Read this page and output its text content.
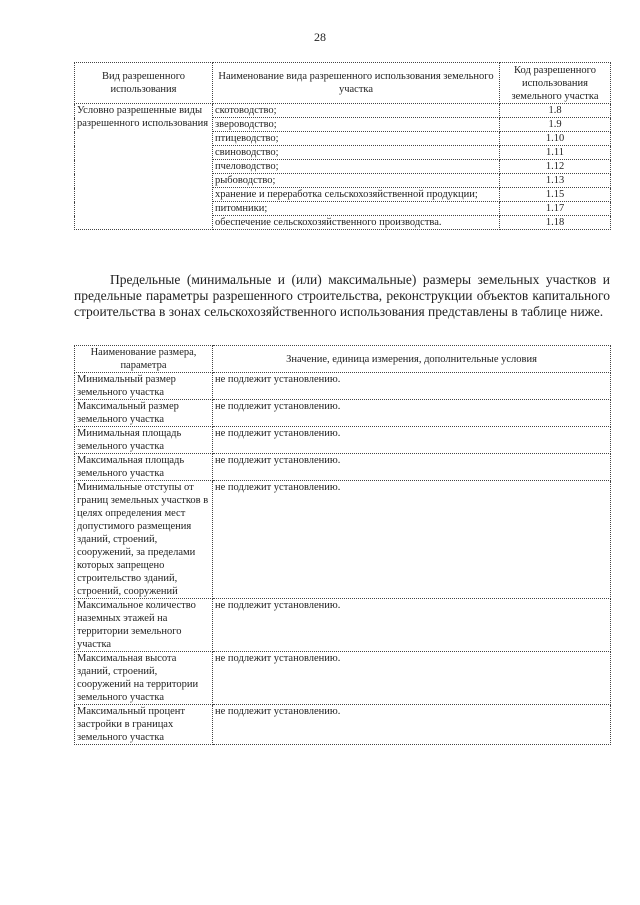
28
Вид разрешенного использования	Наименование вида разрешенного использования земельного участка	Код разрешенного использования земельного участка
Условно разрешенные виды разрешенного использования	скотоводство;	1.8
	звероводство;	1.9
	птицеводство;	1.10
	свиноводство;	1.11
	пчеловодство;	1.12
	рыбоводство;	1.13
	хранение и переработка сельскохозяйственной продукции;	1.15
	питомники;	1.17
	обеспечение сельскохозяйственного производства.	1.18
Предельные (минимальные и (или) максимальные) размеры земельных участков и предельные параметры разрешенного строительства, реконструкции объектов капитального строительства в зонах сельскохозяйственного использования представлены в таблице ниже.
Наименование размера, параметра	Значение, единица измерения, дополнительные условия
Минимальный размер земельного участка	не подлежит установлению.
Максимальный размер земельного участка	не подлежит установлению.
Минимальная площадь земельного участка	не подлежит установлению.
Максимальная площадь земельного участка	не подлежит установлению.
Минимальные отступы от границ земельных участков в целях определения мест допустимого размещения зданий, строений, сооружений, за пределами которых запрещено строительство зданий, строений, сооружений	не подлежит установлению.
Максимальное количество наземных этажей на территории земельного участка	не подлежит установлению.
Максимальная высота зданий, строений, сооружений на территории земельного участка	не подлежит установлению.
Максимальный процент застройки в границах земельного участка	не подлежит установлению.
